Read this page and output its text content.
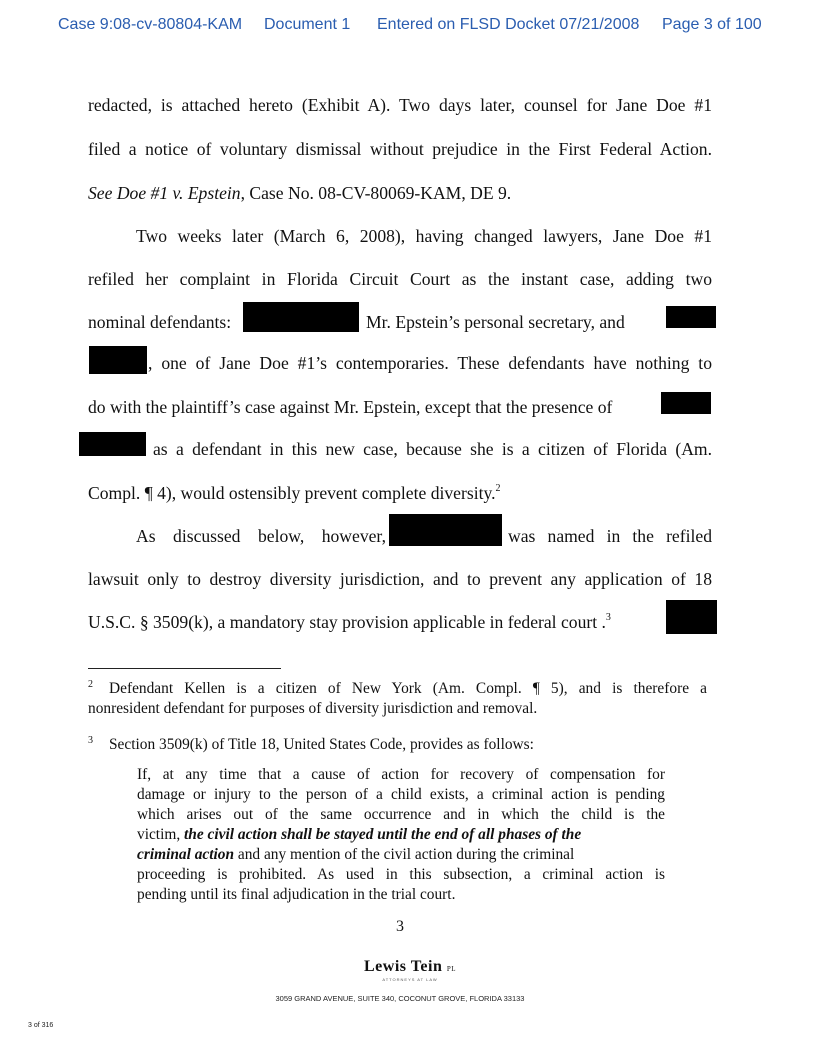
Case 9:08-cv-80804-KAM Document 1 Entered on FLSD Docket 07/21/2008 Page 3 of 100
redacted, is attached hereto (Exhibit A). Two days later, counsel for Jane Doe #1
filed a notice of voluntary dismissal without prejudice in the First Federal Action.
See Doe #1 v. Epstein, Case No. 08-CV-80069-KAM, DE 9.
Two weeks later (March 6, 2008), having changed lawyers, Jane Doe #1
refiled her complaint in Florida Circuit Court as the instant case, adding two
nominal defendants:	Mr. Epstein’s personal secretary, and
, one of Jane Doe #1’s contemporaries. These defendants have nothing to
do with the plaintiff’s case against Mr. Epstein, except that the presence of
as a defendant in this new case, because she is a citizen of Florida (Am.
Compl. ¶ 4), would ostensibly prevent complete diversity.$^2$
As discussed below, however,	was named in the refiled
lawsuit only to destroy diversity jurisdiction, and to prevent any application of 18
U.S.C. § 3509(k), a mandatory stay provision applicable in federal court .$^3$
$^2$ Defendant Kellen is a citizen of New York (Am. Compl. ¶ 5), and is therefore a
nonresident defendant for purposes of diversity jurisdiction and removal.
$^3$ Section 3509(k) of Title 18, United States Code, provides as follows:
If, at any time that a cause of action for recovery of compensation for
damage or injury to the person of a child exists, a criminal action is pending
which arises out of the same occurrence and in which the child is the
victim, the civil action shall be stayed until the end of all phases of the
criminal action and any mention of the civil action during the criminal
proceeding is prohibited. As used in this subsection, a criminal action is
pending until its final adjudication in the trial court.
3
Lewis Tein PL
ATTORNEYS AT LAW
3059 GRAND AVENUE, SUITE 340, COCONUT GROVE, FLORIDA 33133
3 of 316
